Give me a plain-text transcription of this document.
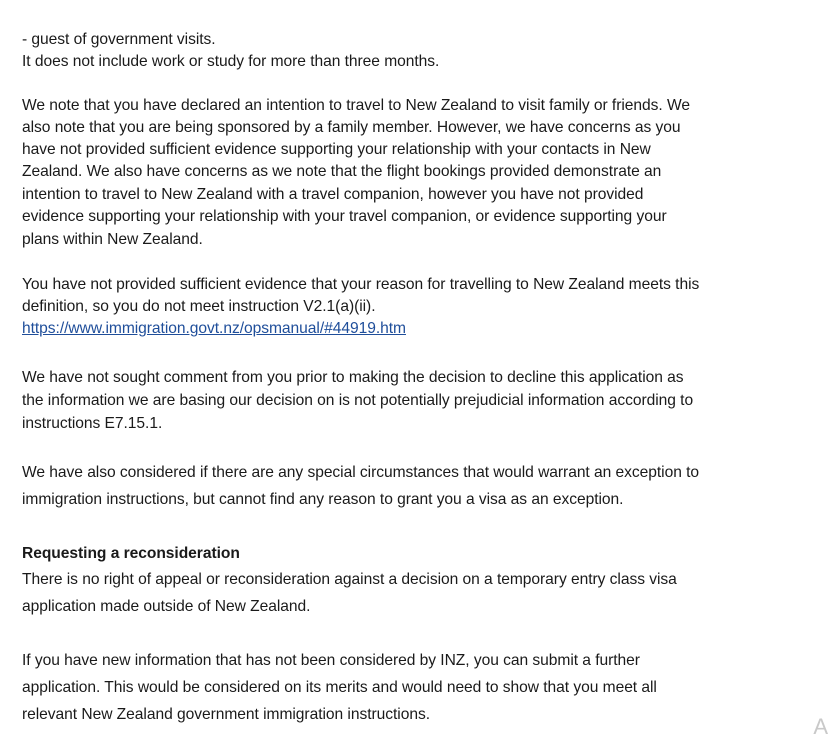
- guest of government visits.
It does not include work or study for more than three months.
We note that you have declared an intention to travel to New Zealand to visit family or friends. We
also note that you are being sponsored by a family member. However, we have concerns as you
have not provided sufficient evidence supporting your relationship with your contacts in New
Zealand. We also have concerns as we note that the flight bookings provided demonstrate an
intention to travel to New Zealand with a travel companion, however you have not provided
evidence supporting your relationship with your travel companion, or evidence supporting your
plans within New Zealand.
You have not provided sufficient evidence that your reason for travelling to New Zealand meets this
definition, so you do not meet instruction V2.1(a)(ii).
https://www.immigration.govt.nz/opsmanual/#44919.htm
We have not sought comment from you prior to making the decision to decline this application as
the information we are basing our decision on is not potentially prejudicial information according to
instructions E7.15.1.
We have also considered if there are any special circumstances that would warrant an exception to
immigration instructions, but cannot find any reason to grant you a visa as an exception.
Requesting a reconsideration
There is no right of appeal or reconsideration against a decision on a temporary entry class visa
application made outside of New Zealand.
If you have new information that has not been considered by INZ, you can submit a further
application. This would be considered on its merits and would need to show that you meet all
relevant New Zealand government immigration instructions.	A
